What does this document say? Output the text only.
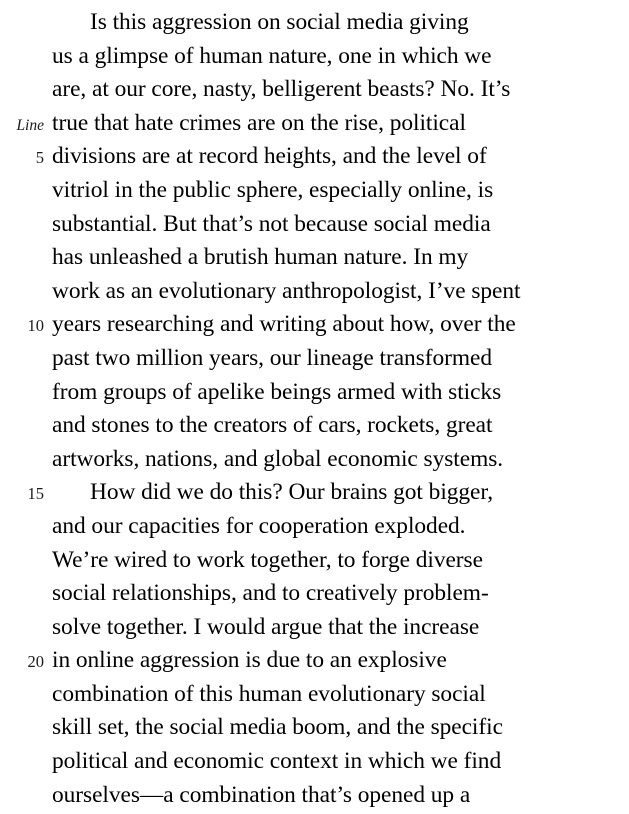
Is this aggression on social media giving
us a glimpse of human nature, one in which we
are, at our core, nasty, belligerent beasts? No. It’s
Line true that hate crimes are on the rise, political
5 divisions are at record heights, and the level of
vitriol in the public sphere, especially online, is
substantial. But that’s not because social media
has unleashed a brutish human nature. In my
work as an evolutionary anthropologist, I’ve spent
10 years researching and writing about how, over the
past two million years, our lineage transformed
from groups of apelike beings armed with sticks
and stones to the creators of cars, rockets, great
artworks, nations, and global economic systems.
15	How did we do this? Our brains got bigger,
and our capacities for cooperation exploded.
We’re wired to work together, to forge diverse
social relationships, and to creatively problem-
solve together. I would argue that the increase
20 in online aggression is due to an explosive
combination of this human evolutionary social
skill set, the social media boom, and the specific
political and economic context in which we find
ourselves—a combination that’s opened up a
